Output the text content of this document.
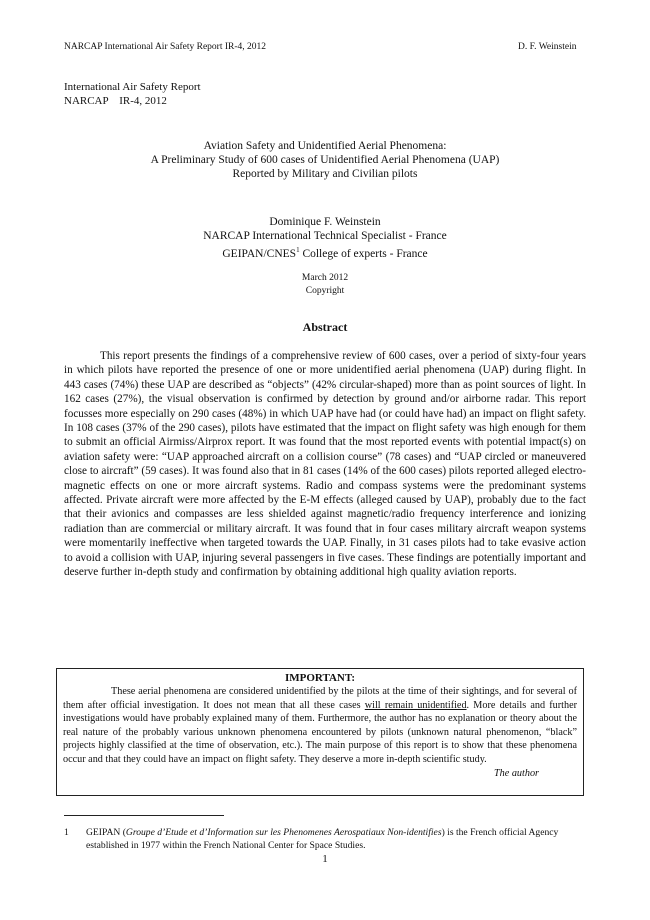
NARCAP International Air Safety Report IR-4, 2012	D. F. Weinstein
International Air Safety Report
NARCAP    IR-4, 2012
Aviation Safety and Unidentified Aerial Phenomena:
A Preliminary Study of 600 cases of Unidentified Aerial Phenomena (UAP)
Reported by Military and Civilian pilots
Dominique F. Weinstein
NARCAP International Technical Specialist - France
GEIPAN/CNES$^1$ College of experts - France
March 2012
Copyright
Abstract

This report presents the findings of a comprehensive review of 600 cases, over a period of sixty-four years in which pilots have reported the presence of one or more unidentified aerial phenomena (UAP) during flight. In 443 cases (74%) these UAP are described as “objects” (42% circular-shaped) more than as point sources of light. In 162 cases (27%), the visual observation is confirmed by detection by ground and/or airborne radar. This report focusses more especially on 290 cases (48%) in which UAP have had (or could have had) an impact on flight safety. In 108 cases (37% of the 290 cases), pilots have estimated that the impact on flight safety was high enough for them to submit an official Airmiss/Airprox report. It was found that the most reported events with potential impact(s) on aviation safety were: “UAP approached aircraft on a collision course” (78 cases) and “UAP circled or maneuvered close to aircraft” (59 cases). It was found also that in 81 cases (14% of the 600 cases) pilots reported alleged electro-magnetic effects on one or more aircraft systems. Radio and compass systems were the predominant systems affected. Private aircraft were more affected by the E-M effects (alleged caused by UAP), probably due to the fact that their avionics and compasses are less shielded against magnetic/radio frequency interference and ionizing radiation than are commercial or military aircraft. It was found that in four cases military aircraft weapon systems were momentarily ineffective when targeted towards the UAP. Finally, in 31 cases pilots had to take evasive action to avoid a collision with UAP, injuring several passengers in five cases. These findings are potentially important and deserve further in-depth study and confirmation by obtaining additional high quality aviation reports.

IMPORTANT:

These aerial phenomena are considered unidentified by the pilots at the time of their sightings, and for several of them after official investigation. It does not mean that all these cases will remain unidentified. More details and further investigations would have probably explained many of them. Furthermore, the author has no explanation or theory about the real nature of the probably various unknown phenomena encountered by pilots (unknown natural phenomenon, “black” projects highly classified at the time of observation, etc.). The main purpose of this report is to show that these phenomena occur and that they could have an impact on flight safety. They deserve a more in-depth scientific study.

The author
1 GEIPAN (Groupe d’Etude et d’Information sur les Phenomenes Aerospatiaux Non-identifies) is the French official Agency established in 1977 within the French National Center for Space Studies.
1
